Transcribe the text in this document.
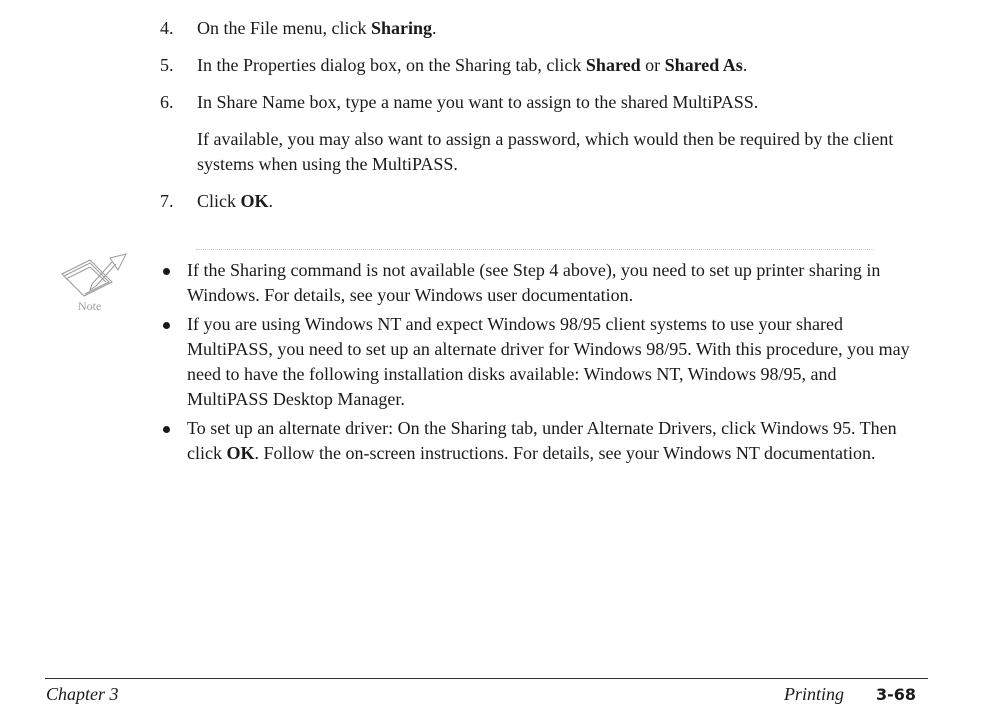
4.	On the File menu, click Sharing.
5.	In the Properties dialog box, on the Sharing tab, click Shared or Shared As.
6.	In Share Name box, type a name you want to assign to the shared MultiPASS.
If available, you may also want to assign a password, which would then be required by the client systems when using the MultiPASS.
7.	Click OK.
Note
If the Sharing command is not available (see Step 4 above), you need to set up printer sharing in Windows. For details, see your Windows user documentation.
If you are using Windows NT and expect Windows 98/95 client systems to use your shared MultiPASS, you need to set up an alternate driver for Windows 98/95. With this procedure, you may need to have the following installation disks available: Windows NT, Windows 98/95, and MultiPASS Desktop Manager.
To set up an alternate driver: On the Sharing tab, under Alternate Drivers, click Windows 95. Then click OK. Follow the on-screen instructions. For details, see your Windows NT documentation.
Chapter 3	Printing 3-68
